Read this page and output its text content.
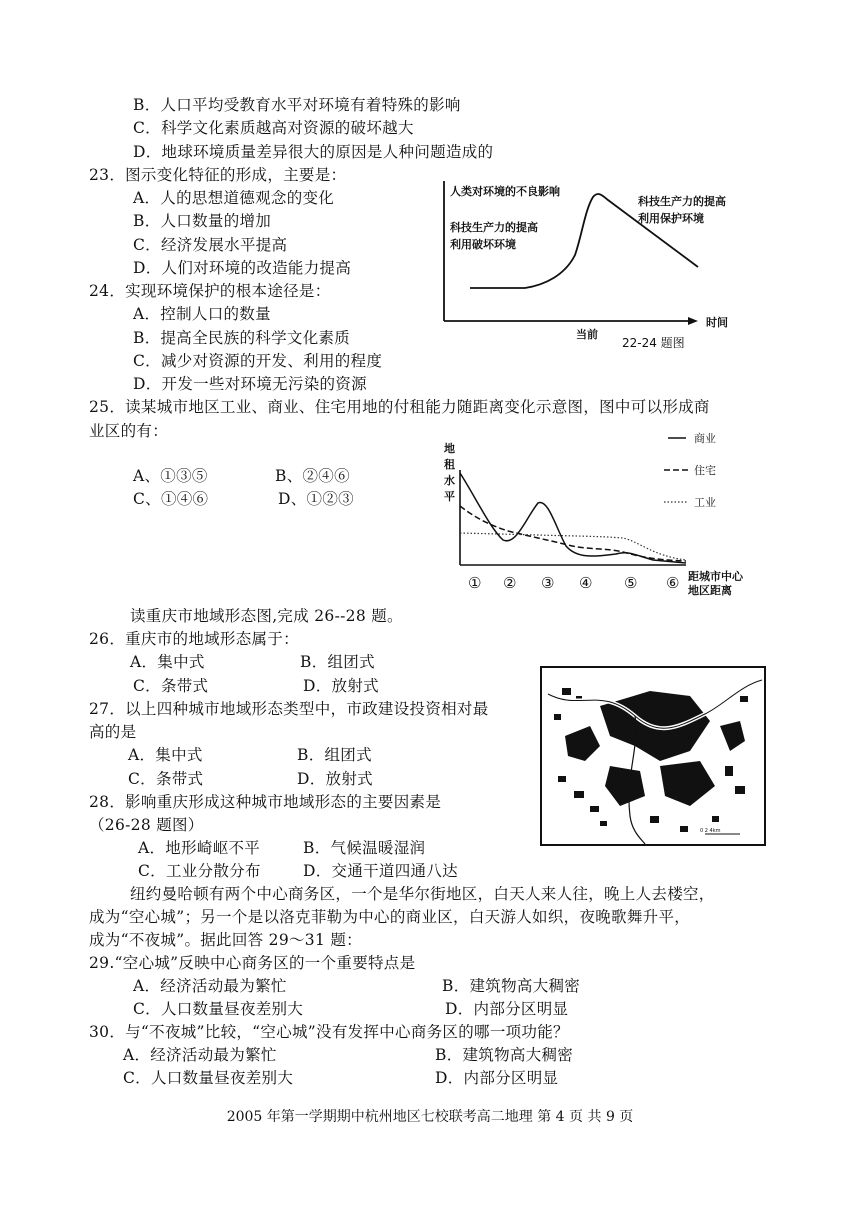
B．人口平均受教育水平对环境有着特殊的影响
C．科学文化素质越高对资源的破坏越大
D．地球环境质量差异很大的原因是人种问题造成的
23．图示变化特征的形成，主要是：
A．人的思想道德观念的变化
B．人口数量的增加
C．经济发展水平提高
D．人们对环境的改造能力提高
24．实现环境保护的根本途径是：
A．控制人口的数量
B．提高全民族的科学文化素质
C．减少对资源的开发、利用的程度
D．开发一些对环境无污染的资源
人类对环境的不良影响
科技生产力的提高
利用破坏环境
科技生产力的提高
利用保护环境
时间
当前
22-24 题图
25．读某城市地区工业、商业、住宅用地的付租能力随距离变化示意图，图中可以形成商
业区的有：
A、①③⑤	B、②④⑥
C、①④⑥	D、①②③
地
租
水
平
商业
住宅
工业
① ② ③ ④ ⑤ ⑥ 距城市中心
地区距离
读重庆市地域形态图,完成 26--28 题。
26．重庆市的地域形态属于：
A．集中式	B．组团式
C．条带式	D．放射式
27．以上四种城市地域形态类型中，市政建设投资相对最
高的是
A．集中式	B．组团式
C．条带式	D．放射式
28．影响重庆形成这种城市地域形态的主要因素是
（26-28 题图）
A．地形崎岖不平	B．气候温暖湿润
C．工业分散分布	D．交通干道四通八达
0 2 4km
纽约曼哈顿有两个中心商务区，一个是华尔街地区，白天人来人往，晚上人去楼空，
成为“空心城”；另一个是以洛克菲勒为中心的商业区，白天游人如织，夜晚歌舞升平，
成为“不夜城”。据此回答 29～31 题：
29.“空心城”反映中心商务区的一个重要特点是
A．经济活动最为繁忙	B．建筑物高大稠密
C．人口数量昼夜差别大	D．内部分区明显
30．与“不夜城”比较，“空心城”没有发挥中心商务区的哪一项功能？
A．经济活动最为繁忙	B．建筑物高大稠密
C．人口数量昼夜差别大	D．内部分区明显
2005 年第一学期期中杭州地区七校联考高二地理 第 4 页 共 9 页
